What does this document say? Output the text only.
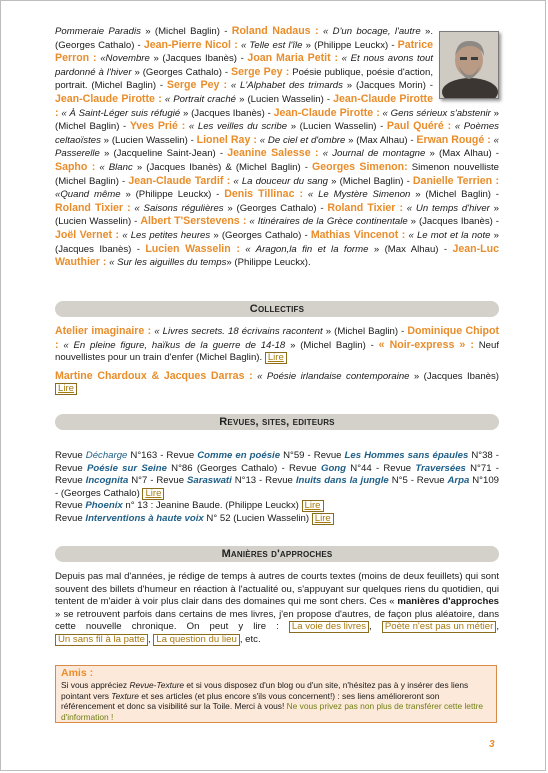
Pommeraie Paradis » (Michel Baglin) - Roland Nadaus : « D'un bocage, l'autre ». (Georges Cathalo) - Jean-Pierre Nicol : « Telle est l'île » (Philippe Leuckx) - Patrice Perron : «Novembre » (Jacques Ibanès) - Joan Maria Petit : « Et nous avons tout pardonné à l'hiver » (Georges Cathalo) - Serge Pey : Poésie publique, poésie d'action, portrait. (Michel Baglin) - Serge Pey : « L'Alphabet des trimards » (Jacques Morin) - Jean-Claude Pirotte : « Portrait craché » (Lucien Wasselin) - Jean-Claude Pirotte : « À Saint-Léger suis réfugié » (Jacques Ibanès) - Jean-Claude Pirotte : « Gens sérieux s'abstenir » (Michel Baglin) - Yves Prié : « Les veilles du scribe » (Lucien Wasselin) - Paul Quéré : « Poèmes celtaoïstes » (Lucien Wasselin) - Lionel Ray : « De ciel et d'ombre » (Max Alhau) - Erwan Rougé : « Passerelle » (Jacqueline Saint-Jean) - Jeanine Salesse : « Journal de montagne » (Max Alhau) - Sapho : « Blanc » (Jacques Ibanès) & (Michel Baglin) - Georges Simenon: Simenon nouvelliste (Michel Baglin) - Jean-Claude Tardif : « La douceur du sang » (Michel Baglin) - Danielle Terrien : «Quand même » (Philippe Leuckx) - Denis Tillinac : « Le Mystère Simenon » (Michel Baglin) - Roland Tixier : « Saisons régulières » (Georges Cathalo) - Roland Tixier : « Un temps d'hiver » (Lucien Wasselin) - Albert T'Serstevens : « Itinéraires de la Grèce continentale » (Jacques Ibanès) - Joël Vernet : « Les petites heures » (Georges Cathalo) - Mathias Vincenot : « Le mot et la note » (Jacques Ibanès) - Lucien Wasselin : « Aragon,la fin et la forme » (Max Alhau) - Jean-Luc Wauthier : « Sur les aiguilles du temps» (Philippe Leuckx).
Collectifs
Atelier imaginaire : « Livres secrets. 18 écrivains racontent » (Michel Baglin) - Dominique Chipot : « En pleine figure, haïkus de la guerre de 14-18 » (Michel Baglin) - « Noir-express » : Neuf nouvellistes pour un train d'enfer (Michel Baglin). Lire
Martine Chardoux & Jacques Darras : « Poésie irlandaise contemporaine » (Jacques Ibanès) Lire
Revues, sites, editeurs
Revue Décharge N°163 - Revue Comme en poésie N°59 - Revue Les Hommes sans épaules N°38 - Revue Poésie sur Seine N°86 (Georges Cathalo) - Revue Gong N°44 - Revue Traversées N°71 - Revue Incognita N°7 - Revue Saraswati N°13 - Revue Inuits dans la jungle N°5 - Revue Arpa N°109 - (Georges Cathalo) Lire
Revue Phoenix n° 13 : Jeanine Baude. (Philippe Leuckx) Lire
Revue Interventions à haute voix N° 52 (Lucien Wasselin) Lire
Manières d'approches
Depuis pas mal d'années, je rédige de temps à autres de courts textes (moins de deux feuillets) qui sont souvent des billets d'humeur en réaction à l'actualité ou, s'appuyant sur quelques riens du quotidien, qui tentent de m'aider à voir plus clair dans des domaines qui me sont chers. Ces « manières d'approches » se retrouvent parfois dans certains de mes livres, j'en propose d'autres, de façon plus aléatoire, dans cette nouvelle chronique. On peut y lire : La voie des livres , Poète n'est pas un métier , Un sans fil à la patte , La question du lieu , etc.
Amis :
Si vous appréciez Revue-Texture et si vous disposez d'un blog ou d'un site, n'hésitez pas à y insérer des liens pointant vers Texture et ses articles (et plus encore s'ils vous concernent!) : ses liens amélioreront son référencement et donc sa visibilité sur la Toile. Merci à vous! Ne vous privez pas non plus de transférer cette lettre d'information !
3
